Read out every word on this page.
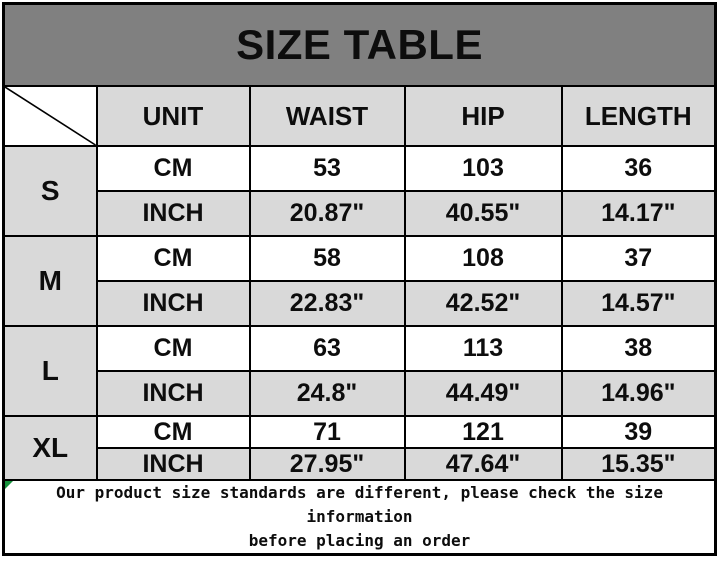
SIZE TABLE				

	UNIT	WAIST	HIP	LENGTH
S	CM	53	103	36
	INCH	20.87"	40.55"	14.17"
M	CM	58	108	37
	INCH	22.83"	42.52"	14.57"
L	CM	63	113	38
	INCH	24.8"	44.49"	14.96"
XL	CM	71	121	39
	INCH	27.95"	47.64"	15.35"

Our product size standards are different, please check the size information
before placing an order				
